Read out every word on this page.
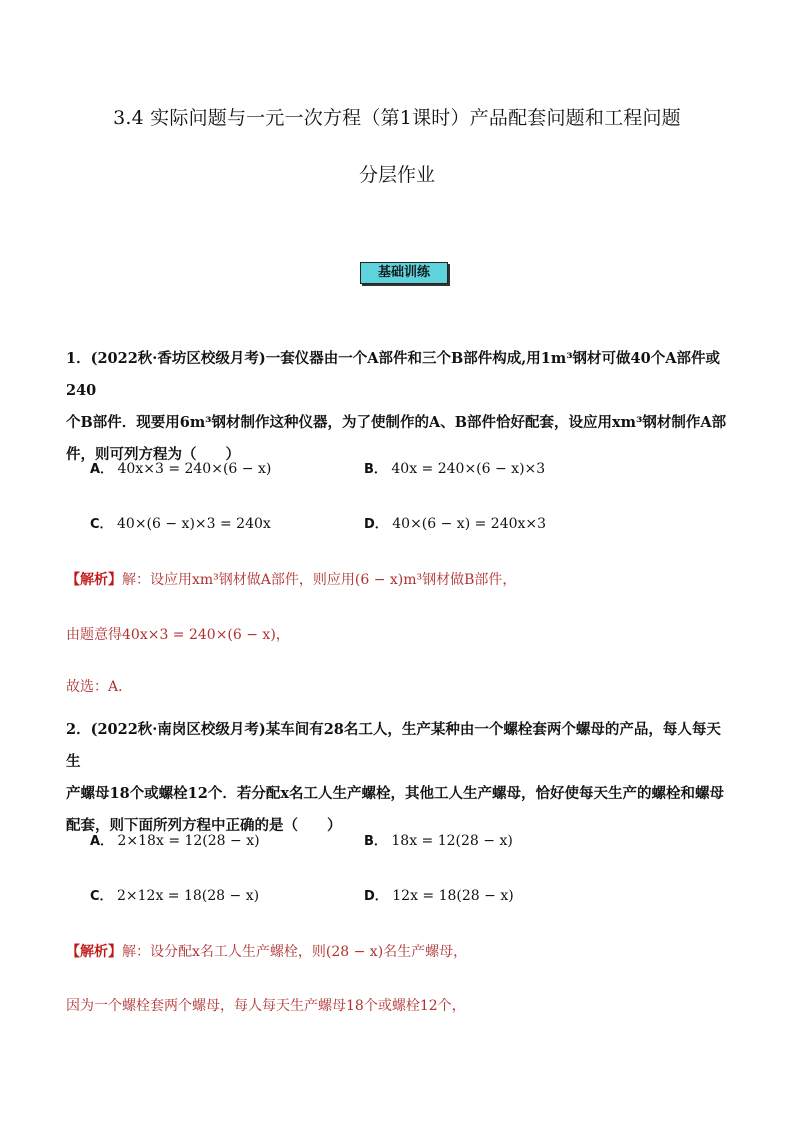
3.4 实际问题与一元一次方程（第1课时）产品配套问题和工程问题
分层作业
基础训练
1．(2022秋·香坊区校级月考)一套仪器由一个A部件和三个B部件构成,用1m³钢材可做40个A部件或240
个B部件．现要用6m³钢材制作这种仪器，为了使制作的A、B部件恰好配套，设应用xm³钢材制作A部
件，则可列方程为（　　）
A． 40x×3 = 240×(6 − x)	B． 40x = 240×(6 − x)×3
C． 40×(6 − x)×3 = 240x	D． 40×(6 − x) = 240x×3
【解析】解：设应用xm³钢材做A部件，则应用(6 − x)m³钢材做B部件，
由题意得40x×3 = 240×(6 − x)，
故选：A．
2．(2022秋·南岗区校级月考)某车间有28名工人，生产某种由一个螺栓套两个螺母的产品，每人每天生
产螺母18个或螺栓12个．若分配x名工人生产螺栓，其他工人生产螺母，恰好使每天生产的螺栓和螺母
配套，则下面所列方程中正确的是（　　）
A． 2×18x = 12(28 − x)	B． 18x = 12(28 − x)
C． 2×12x = 18(28 − x)	D． 12x = 18(28 − x)
【解析】解：设分配x名工人生产螺栓，则(28 − x)名生产螺母，
因为一个螺栓套两个螺母，每人每天生产螺母18个或螺栓12个，
